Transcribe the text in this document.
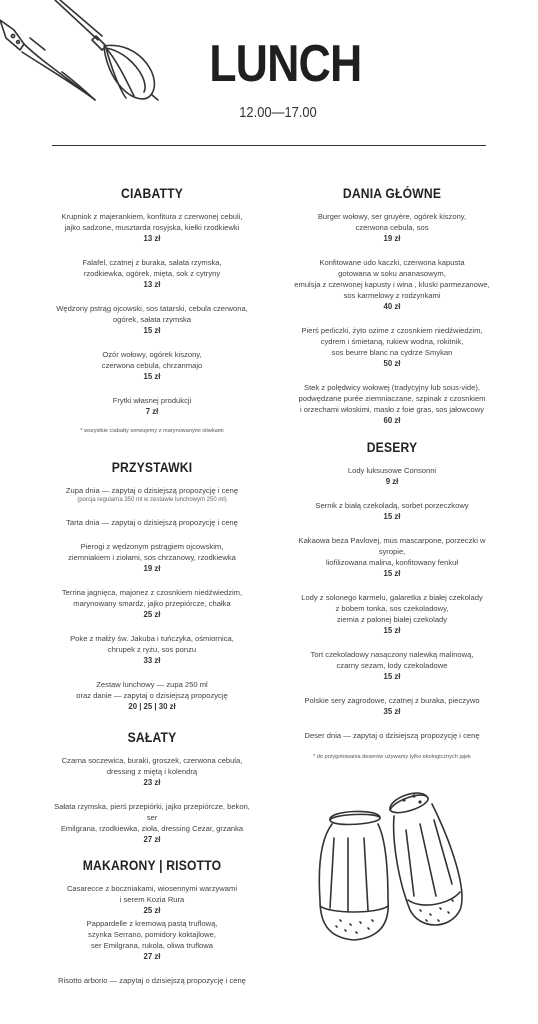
LUNCH
12.00—17.00
CIABATTY
Krupniok z majerankiem, konfitura z czerwonej cebuli,
jajko sadzone, musztarda rosyjska, kiełki rzodkiewki
13 zł
Falafel, czatnej z buraka, sałata rzymska,
rzodkiewka, ogórek, mięta, sok z cytryny
13 zł
Wędzony pstrąg ojcowski, sos tatarski, cebula czerwona,
ogórek, sałata rzymska
15 zł
Ozór wołowy, ogórek kiszony,
czerwona cebula, chrzanmajo
15 zł
Frytki własnej produkcji
7 zł
* wszystkie ciabatty serwujemy z marynowanymi oliwkami
PRZYSTAWKI
Zupa dnia — zapytaj o dzisiejszą propozycję i cenę
(porcja regularna 350 ml w zestawie lunchowym 250 ml)
Tarta dnia — zapytaj o dzisiejszą propozycję i cenę
Pierogi z wędzonym pstrągiem ojcowskim,
ziemniakiem i ziołami, sos chrzanowy, rzodkiewka
19 zł
Terrina jagnięca, majonez z czosnkiem niedźwiedzim,
marynowany smardz, jajko przepiórcze, chałka
25 zł
Poke z małży św. Jakuba i tuńczyka, ośmiornica,
chrupek z ryżu, sos ponzu
33 zł
Zestaw lunchowy — zupa 250 ml
oraz danie — zapytaj o dzisiejszą propozycję
20 | 25 | 30 zł
SAŁATY
Czarna soczewica, buraki, groszek, czerwona cebula,
dressing z miętą i kolendrą
23 zł
Sałata rzymska, pierś przepiórki, jajko przepiórcze, bekon, ser
Emilgrana, rzodkiewka, zioła, dressing Cezar, grzanka
27 zł
MAKARONY | RISOTTO
Casarecce z boczniakami, wiosennymi warzywami
i serem Kozia Rura
25 zł
Pappardelle z kremową pastą truflową,
szynka Serrano, pomidory koktajlowe,
ser Emilgrana, rukola, oliwa truflowa
27 zł
Risotto arborio — zapytaj o dzisiejszą propozycję i cenę
DANIA GŁÓWNE
Burger wołowy, ser gruyère, ogórek kiszony,
czerwona cebula, sos
19 zł
Konfitowane udo kaczki, czerwona kapusta
gotowana w soku ananasowym,
emulsja z czerwonej kapusty i wina , kluski parmezanowe,
sos karmelowy z rodzynkami
40 zł
Pierś perliczki, żyto ozime z czosnkiem niedźwiedzim,
cydrem i śmietaną, rukiew wodna, rokitnik,
sos beurre blanc na cydrze Smykan
50 zł
Stek z polędwicy wołowej (tradycyjny lub sous-vide),
podwędzane purée ziemniaczane, szpinak z czosnkiem
i orzechami włoskimi, masło z foie gras, sos jałowcowy
60 zł
DESERY
Lody luksusowe Consonni
9 zł
Sernik z białą czekoladą, sorbet porzeczkowy
15 zł
Kakaowa beza Pavlovej, mus mascarpone, porzeczki w syropie,
liofilizowana malina, konfitowany fenkuł
15 zł
Lody z solonego karmelu, galaretka z białej czekolady
z bobem tonka, sos czekoladowy,
ziemia z palonej białej czekolady
15 zł
Tort czekoladowy nasączony nalewką malinową,
czarny sezam, lody czekoladowe
15 zł
Polskie sery zagrodowe, czatnej z buraka, pieczywo
35 zł
Deser dnia — zapytaj o dzisiejszą propozycję i cenę
* do przygotowania deserów używamy tylko ekologicznych jajek
